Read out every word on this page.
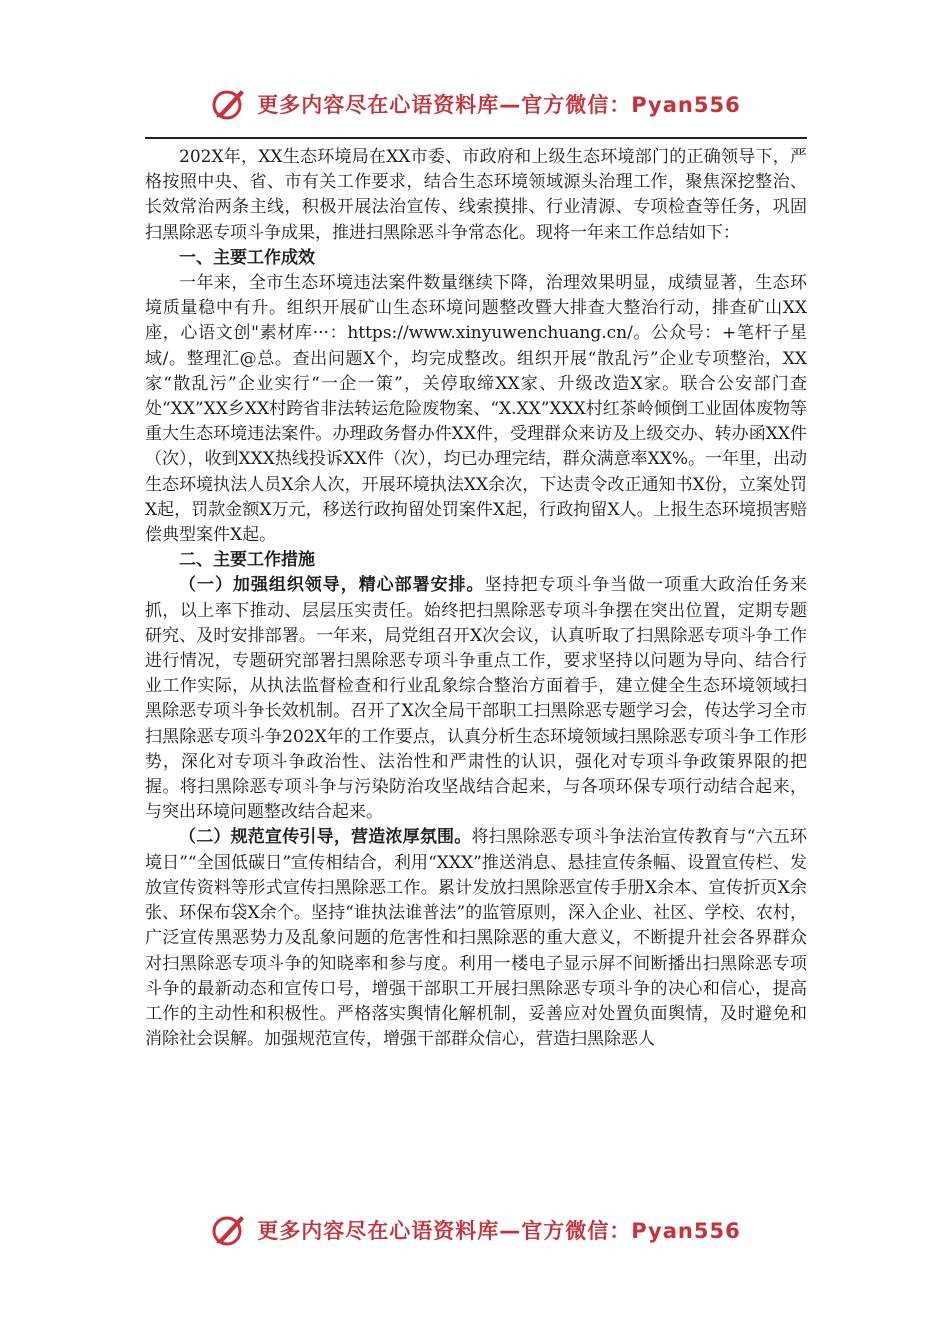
更多内容尽在心语资料库—官方微信：Pyan556

202X年，XX生态环境局在XX市委、市政府和上级生态环境部门的正确领导下，严格按照中央、省、市有关工作要求，结合生态环境领域源头治理工作，聚焦深挖整治、长效常治两条主线，积极开展法治宣传、线索摸排、行业清源、专项检查等任务，巩固扫黑除恶专项斗争成果，推进扫黑除恶斗争常态化。现将一年来工作总结如下：

一、主要工作成效

一年来，全市生态环境违法案件数量继续下降，治理效果明显，成绩显著，生态环境质量稳中有升。组织开展矿山生态环境问题整改暨大排查大整治行动，排查矿山XX座，心语文创"素材库···：https://www.xinyuwenchuang.cn/。公众号：+笔杆子星域/。整理汇@总。查出问题X个，均完成整改。组织开展“散乱污”企业专项整治，XX家“散乱污”企业实行“一企一策”，关停取缔XX家、升级改造X家。联合公安部门查处“XX”XX乡XX村跨省非法转运危险废物案、“X.XX”XXX村红茶岭倾倒工业固体废物等重大生态环境违法案件。办理政务督办件XX件，受理群众来访及上级交办、转办函XX件（次），收到XXX热线投诉XX件（次），均已办理完结，群众满意率XX%。一年里，出动生态环境执法人员X余人次，开展环境执法XX余次，下达责令改正通知书X份，立案处罚X起，罚款金额X万元，移送行政拘留处罚案件X起，行政拘留X人。上报生态环境损害赔偿典型案件X起。

二、主要工作措施

（一）加强组织领导，精心部署安排。坚持把专项斗争当做一项重大政治任务来抓，以上率下推动、层层压实责任。始终把扫黑除恶专项斗争摆在突出位置，定期专题研究、及时安排部署。一年来，局党组召开X次会议，认真听取了扫黑除恶专项斗争工作进行情况，专题研究部署扫黑除恶专项斗争重点工作，要求坚持以问题为导向、结合行业工作实际，从执法监督检查和行业乱象综合整治方面着手，建立健全生态环境领域扫黑除恶专项斗争长效机制。召开了X次全局干部职工扫黑除恶专题学习会，传达学习全市扫黑除恶专项斗争202X年的工作要点，认真分析生态环境领域扫黑除恶专项斗争工作形势，深化对专项斗争政治性、法治性和严肃性的认识，强化对专项斗争政策界限的把握。将扫黑除恶专项斗争与污染防治攻坚战结合起来，与各项环保专项行动结合起来，与突出环境问题整改结合起来。

（二）规范宣传引导，营造浓厚氛围。将扫黑除恶专项斗争法治宣传教育与“六五环境日”“全国低碳日”宣传相结合，利用“XXX”推送消息、悬挂宣传条幅、设置宣传栏、发放宣传资料等形式宣传扫黑除恶工作。累计发放扫黑除恶宣传手册X余本、宣传折页X余张、环保布袋X余个。坚持“谁执法谁普法”的监管原则，深入企业、社区、学校、农村，广泛宣传黑恶势力及乱象问题的危害性和扫黑除恶的重大意义，不断提升社会各界群众对扫黑除恶专项斗争的知晓率和参与度。利用一楼电子显示屏不间断播出扫黑除恶专项斗争的最新动态和宣传口号，增强干部职工开展扫黑除恶专项斗争的决心和信心，提高工作的主动性和积极性。严格落实舆情化解机制，妥善应对处置负面舆情，及时避免和消除社会误解。加强规范宣传，增强干部群众信心，营造扫黑除恶人

更多内容尽在心语资料库—官方微信：Pyan556
